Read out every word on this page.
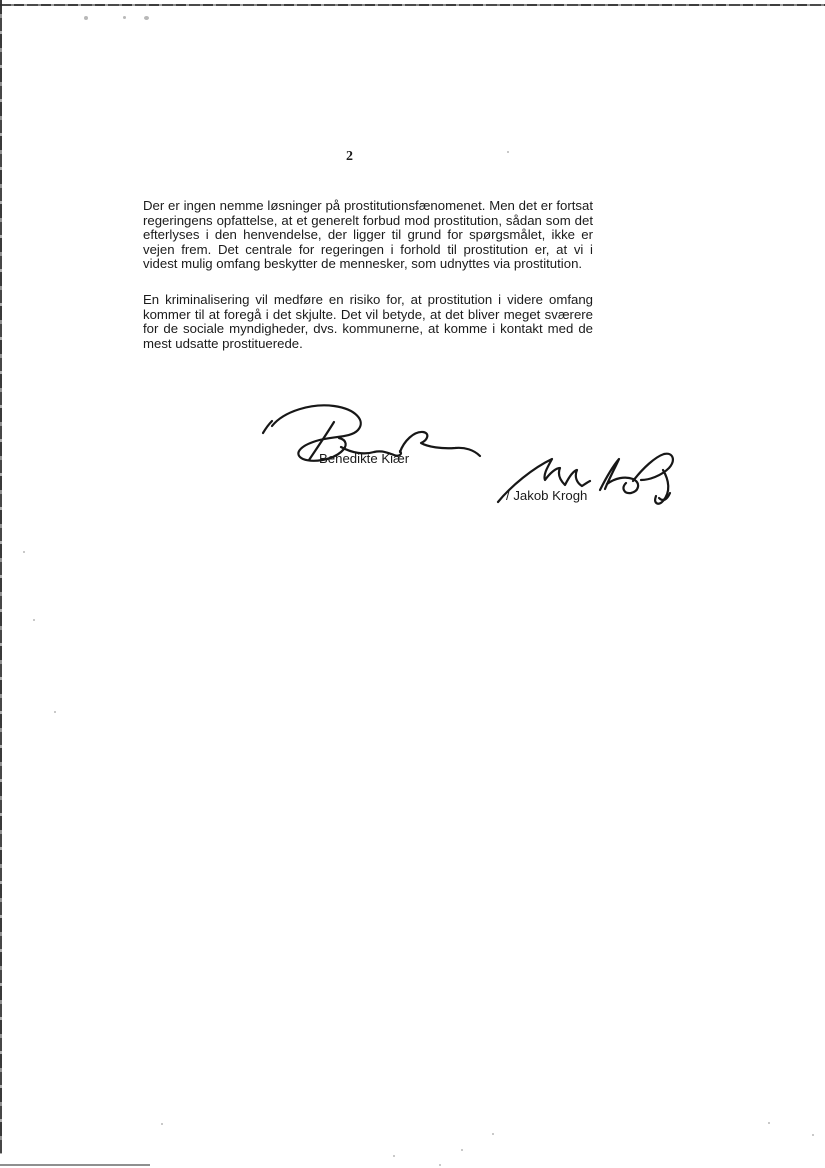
2
Der er ingen nemme løsninger på prostitutionsfænomenet. Men det er fortsat
regeringens opfattelse, at et generelt forbud mod prostitution, sådan som det
efterlyses i den henvendelse, der ligger til grund for spørgsmålet, ikke er
vejen frem. Det centrale for regeringen i forhold til prostitution er, at vi i
videst mulig omfang beskytter de mennesker, som udnyttes via prostitution.
En kriminalisering vil medføre en risiko for, at prostitution i videre omfang
kommer til at foregå i det skjulte. Det vil betyde, at det bliver meget sværere
for de sociale myndigheder, dvs. kommunerne, at komme i kontakt med de
mest udsatte prostituerede.
Benedikte Kiær
/ Jakob Krogh
